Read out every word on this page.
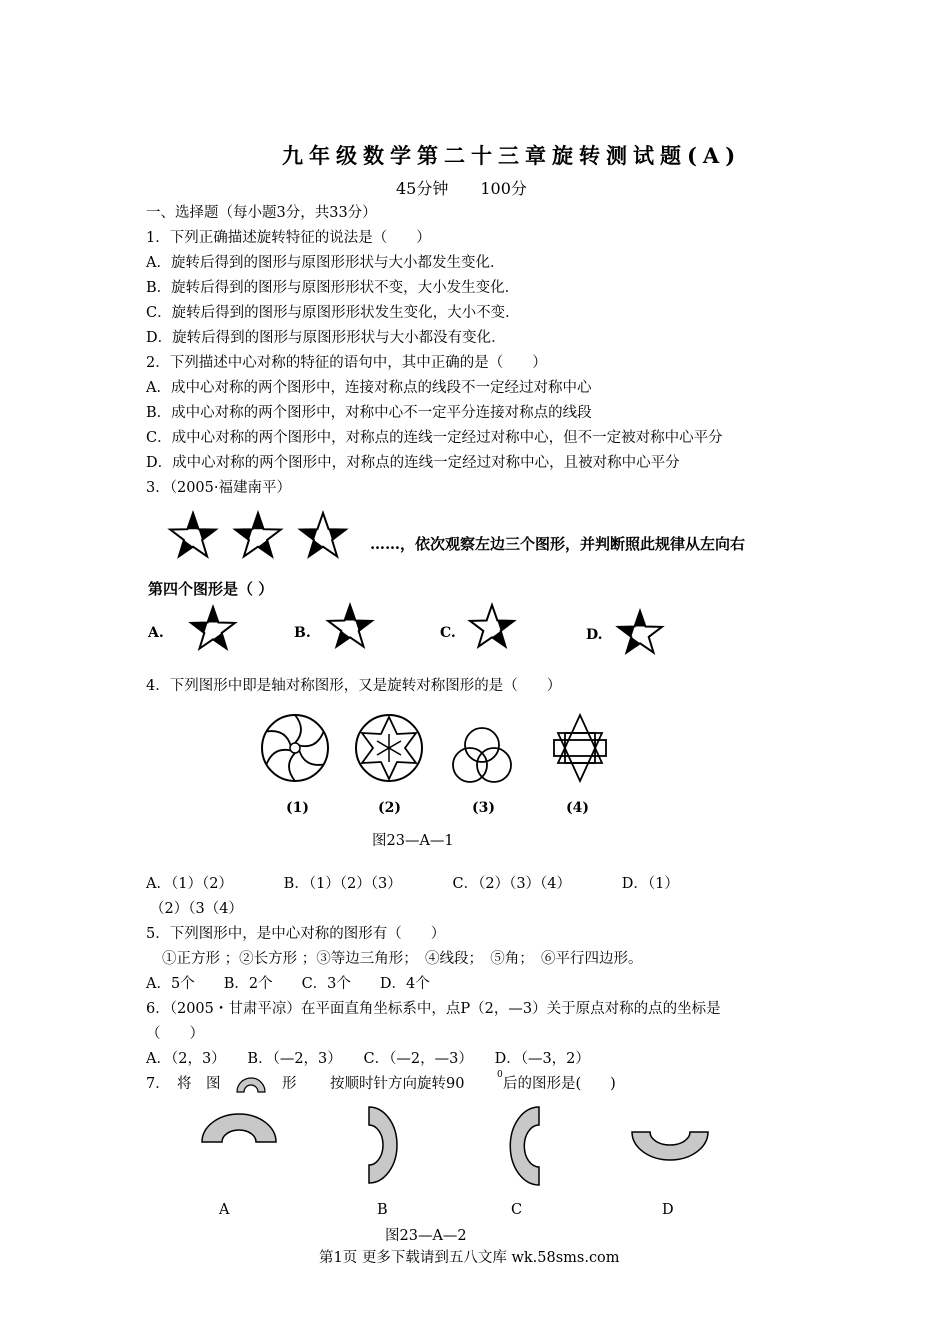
九年级数学第二十三章旋转测试题(A)
45分钟　　100分
一、选择题（每小题3分，共33分）
1．下列正确描述旋转特征的说法是（　　）
A．旋转后得到的图形与原图形形状与大小都发生变化．
B．旋转后得到的图形与原图形形状不变，大小发生变化．
C．旋转后得到的图形与原图形形状发生变化，大小不变．
D．旋转后得到的图形与原图形形状与大小都没有变化．
2．下列描述中心对称的特征的语句中，其中正确的是（　　）
A．成中心对称的两个图形中，连接对称点的线段不一定经过对称中心
B．成中心对称的两个图形中，对称中心不一定平分连接对称点的线段
C．成中心对称的两个图形中，对称点的连线一定经过对称中心，但不一定被对称中心平分
D．成中心对称的两个图形中，对称点的连线一定经过对称中心，且被对称中心平分
3．（2005·福建南平）
……，依次观察左边三个图形，并判断照此规律从左向右
第四个图形是（ ）
A.	B.	C.	D.
4．下列图形中即是轴对称图形，又是旋转对称图形的是（　　）
(1)	(2)	(3)	(4)
图23—A—1
A．（1）（2）　　　　B．（1）（2）（3）　　　　C．（2）（3）（4）　　　　D．（1）
（2）（3（4）
5．下列图形中，是中心对称的图形有（　　）
①正方形 ；②长方形 ；③等边三角形；　④线段；　⑤角；　⑥平行四边形。
A．5个　　B．2个　　C．3个　　D．4个
6．（2005・甘肃平凉）在平面直角坐标系中，点P（2，—3）关于原点对称的点的坐标是
（　　）
A．（2，3）　　B．（—2，3）　　C．（—2，—3）　　D．（—3，2）
7．　将　图	形 按顺时针方向旋转90
0
后的图形是(　　)
A	B	C	D
图23—A—2
第1页 更多下载请到五八文库 wk.58sms.com
